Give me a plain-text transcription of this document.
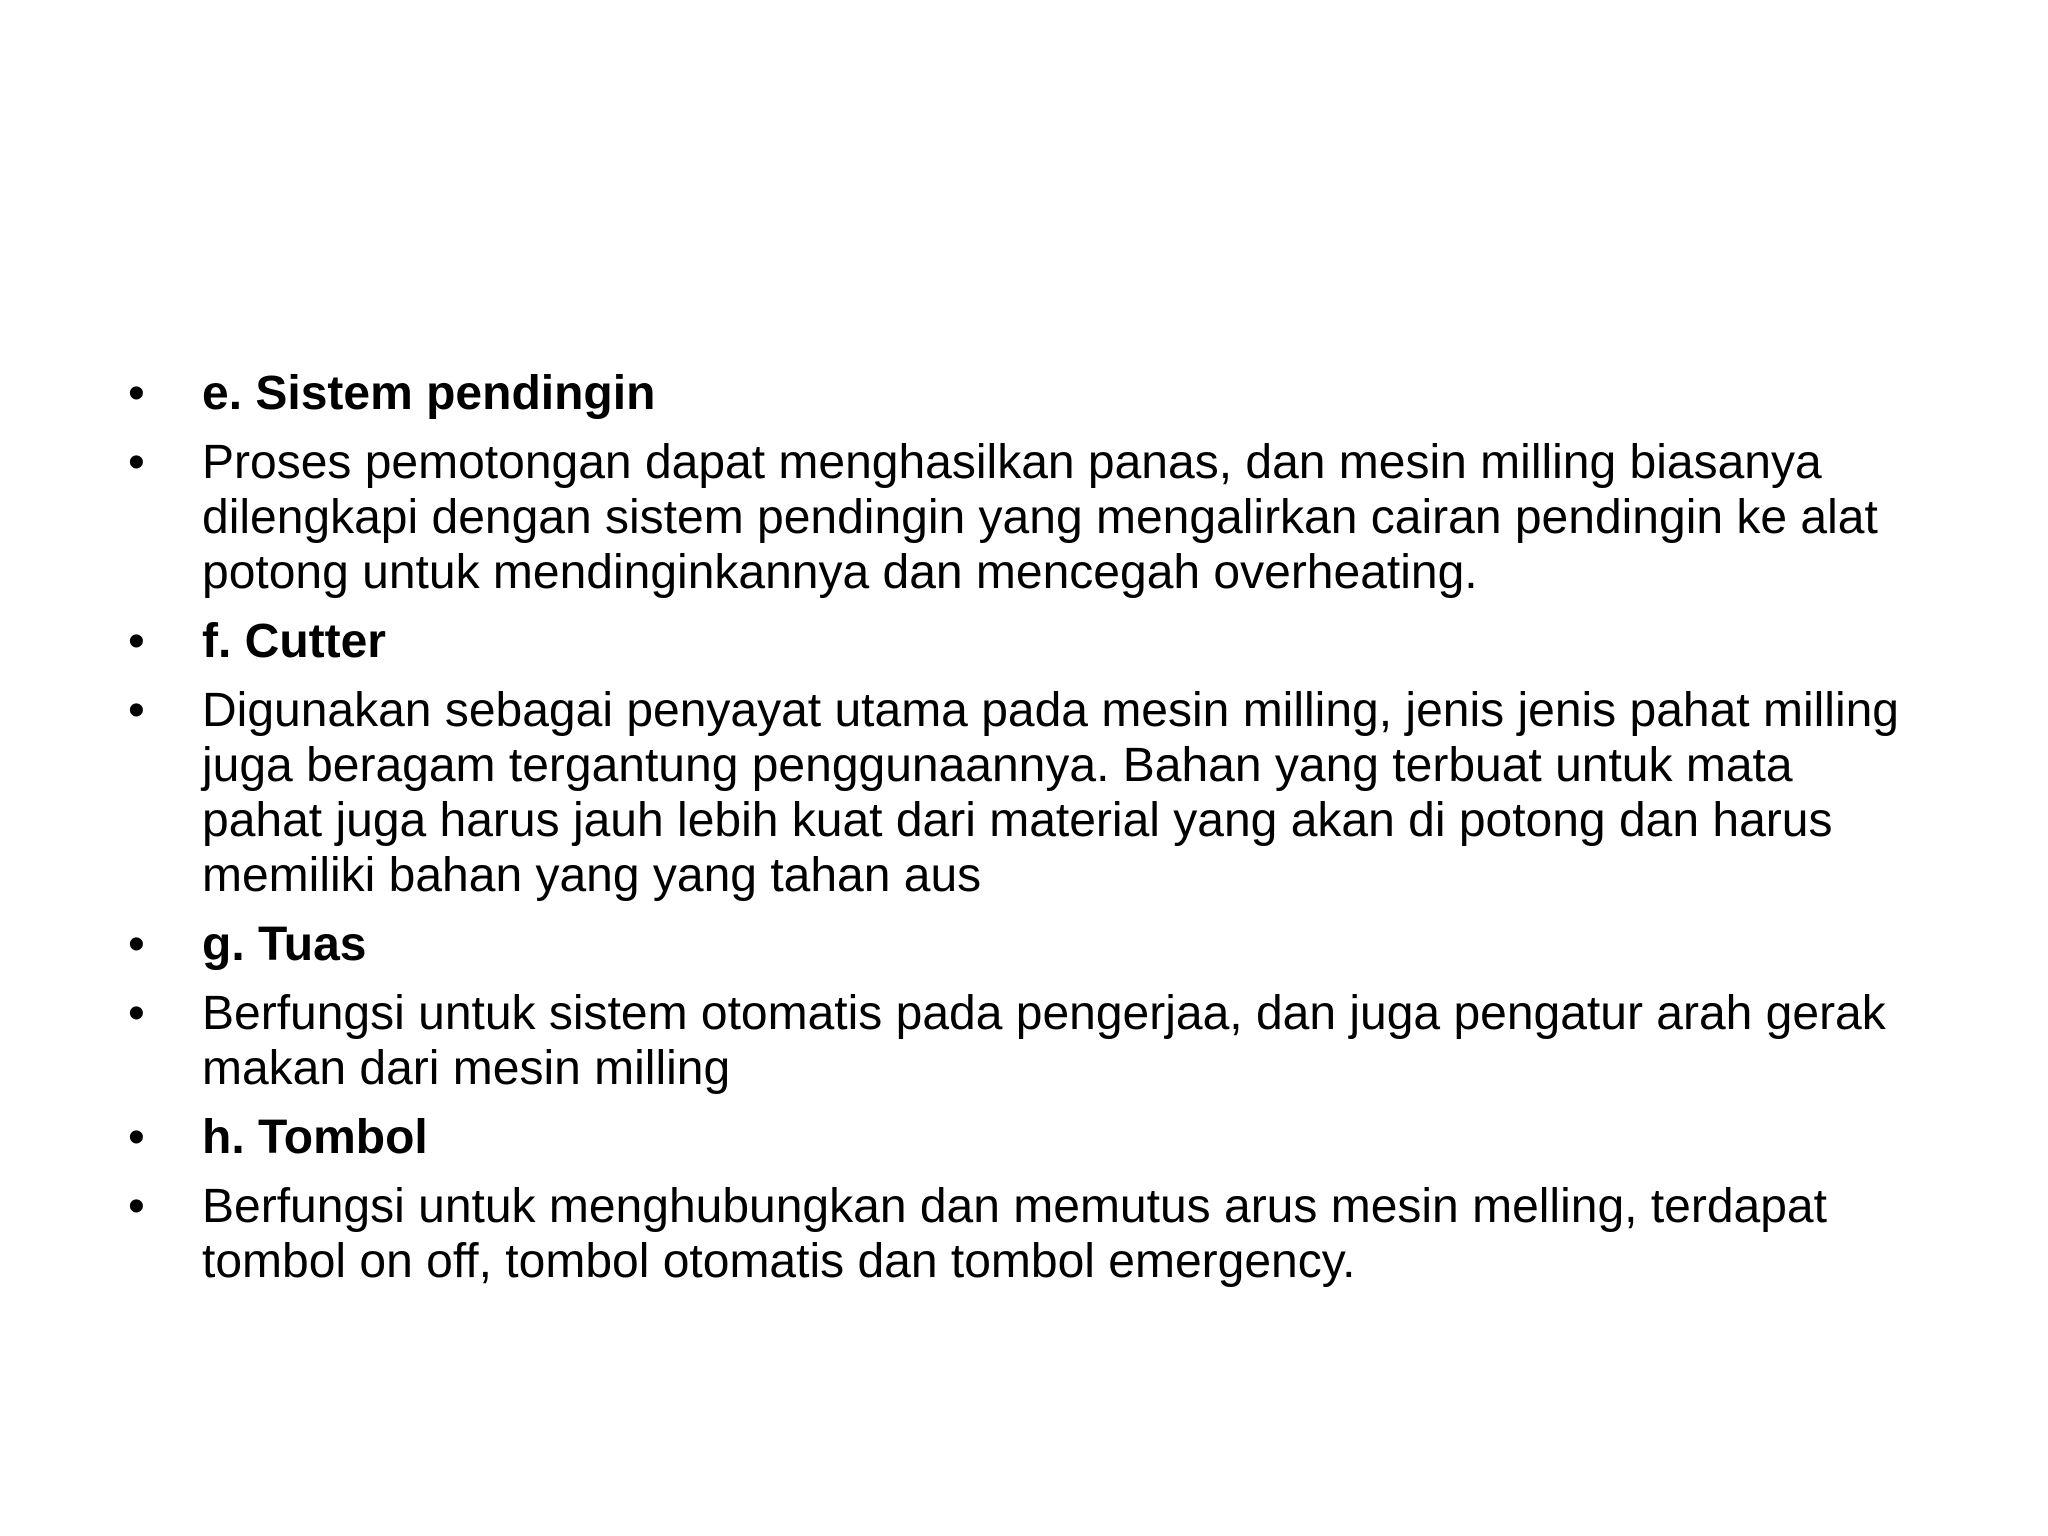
•	e. Sistem pendingin
•	Proses pemotongan dapat menghasilkan panas, dan mesin milling biasanya dilengkapi dengan sistem pendingin yang mengalirkan cairan pendingin ke alat potong untuk mendinginkannya dan mencegah overheating.
•	f. Cutter
•	Digunakan sebagai penyayat utama pada mesin milling, jenis jenis pahat milling juga beragam tergantung penggunaannya. Bahan yang terbuat untuk mata pahat juga harus jauh lebih kuat dari material yang akan di potong dan harus memiliki bahan yang yang tahan aus
•	g. Tuas
•	Berfungsi untuk sistem otomatis pada pengerjaa, dan juga pengatur arah gerak makan dari mesin milling
•	h. Tombol
•	Berfungsi untuk menghubungkan dan memutus arus mesin melling, terdapat tombol on off, tombol otomatis dan tombol emergency.
